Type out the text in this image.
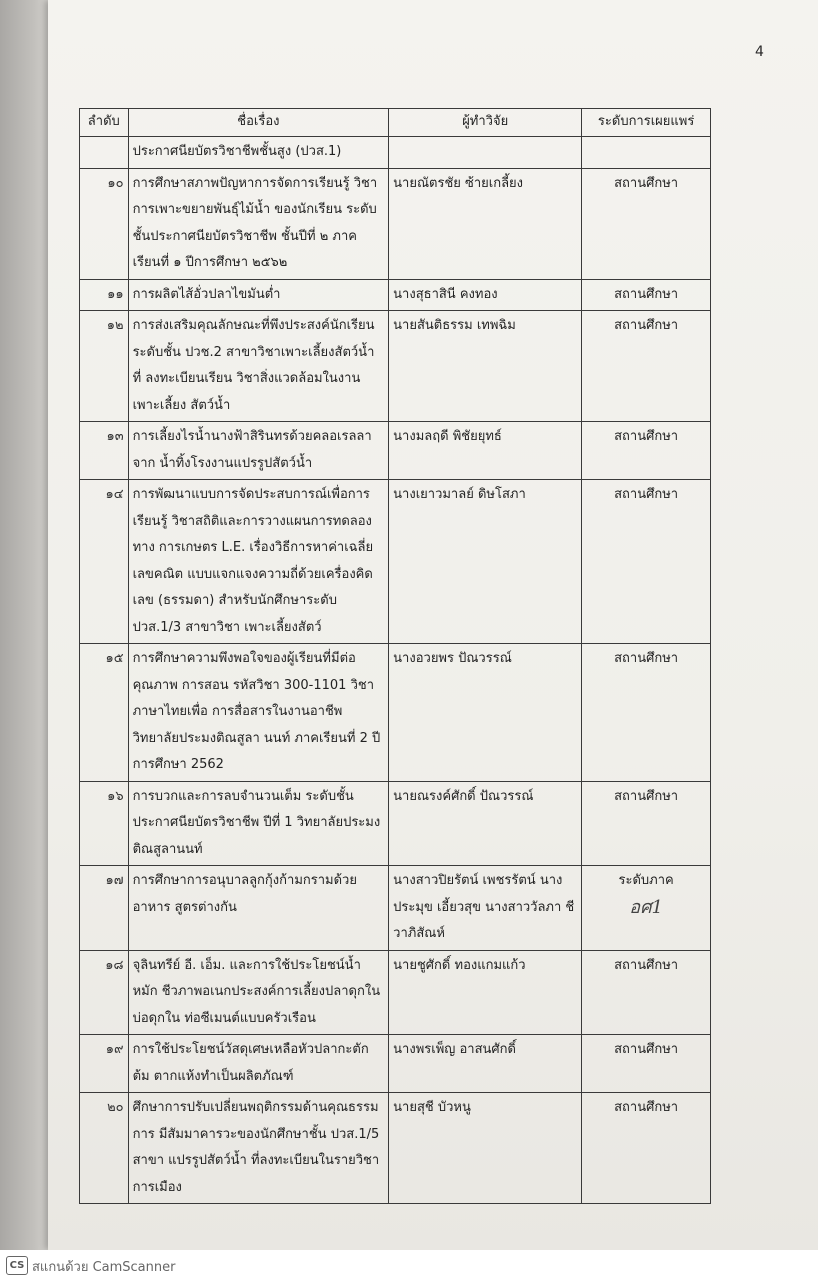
4
ลำดับ	ชื่อเรื่อง	ผู้ทำวิจัย	ระดับการเผยแพร่
	ประกาศนียบัตรวิชาชีพชั้นสูง (ปวส.1)		
๑๐	การศึกษาสภาพปัญหาการจัดการเรียนรู้ วิชา การเพาะขยายพันธุ์ไม้น้ำ ของนักเรียน ระดับชั้นประกาศนียบัตรวิชาชีพ ชั้นปีที่ ๒ ภาค เรียนที่ ๑ ปีการศึกษา ๒๕๖๒	นายณัตรชัย ซ้ายเกลี้ยง	สถานศึกษา
๑๑	การผลิตไส้อั่วปลาไขมันต่ำ	นางสุธาสินี คงทอง	สถานศึกษา
๑๒	การส่งเสริมคุณลักษณะที่พึงประสงค์นักเรียน ระดับชั้น ปวช.2 สาขาวิชาเพาะเลี้ยงสัตว์น้ำ ที่ ลงทะเบียนเรียน วิชาสิ่งแวดล้อมในงานเพาะเลี้ยง สัตว์น้ำ	นายสันติธรรม เทพฉิม	สถานศึกษา
๑๓	การเลี้ยงไรน้ำนางฟ้าสิรินทรด้วยคลอเรลลาจาก น้ำทิ้งโรงงานแปรรูปสัตว์น้ำ	นางมลฤดี พิชัยยุทธ์	สถานศึกษา
๑๔	การพัฒนาแบบการจัดประสบการณ์เพื่อการ เรียนรู้ วิชาสถิติและการวางแผนการทดลองทาง การเกษตร L.E. เรื่องวิธีการหาค่าเฉลี่ยเลขคณิต แบบแจกแจงความถี่ด้วยเครื่องคิดเลข (ธรรมดา) สำหรับนักศึกษาระดับปวส.1/3 สาขาวิชา เพาะเลี้ยงสัตว์	นางเยาวมาลย์ ดิษโสภา	สถานศึกษา
๑๕	การศึกษาความพึงพอใจของผู้เรียนที่มีต่อคุณภาพ การสอน รหัสวิชา 300-1101 วิชาภาษาไทยเพื่อ การสื่อสารในงานอาชีพ วิทยาลัยประมงติณสูลา นนท์ ภาคเรียนที่ 2 ปีการศึกษา 2562	นางอวยพร ปัณวรรณ์	สถานศึกษา
๑๖	การบวกและการลบจำนวนเต็ม ระดับชั้น ประกาศนียบัตรวิชาชีพ ปีที่ 1 วิทยาลัยประมง ติณสูลานนท์	นายณรงค์ศักดิ์ ปัณวรรณ์	สถานศึกษา
๑๗	การศึกษาการอนุบาลลูกกุ้งก้ามกรามด้วยอาหาร สูตรต่างกัน	นางสาวปิยรัตน์ เพชรรัตน์ นางประมุข เอี้ยวสุข นางสาววัลภา ชีวาภิสัณห์	ระดับภาค
อศ1

๑๘	จุลินทรีย์ อี. เอ็ม. และการใช้ประโยชน์น้ำหมัก ชีวภาพอเนกประสงค์การเลี้ยงปลาดุกในบ่อดุกใน ท่อซีเมนต์แบบครัวเรือน	นายชูศักดิ์ ทองแกมแก้ว	สถานศึกษา
๑๙	การใช้ประโยชน์วัสดุเศษเหลือหัวปลากะตักต้ม ตากแห้งทำเป็นผลิตภัณฑ์	นางพรเพ็ญ อาสนศักดิ์	สถานศึกษา
๒๐	ศึกษาการปรับเปลี่ยนพฤติกรรมด้านคุณธรรมการ มีสัมมาคารวะของนักศึกษาชั้น ปวส.1/5 สาขา แปรรูปสัตว์น้ำ ที่ลงทะเบียนในรายวิชาการเมือง	นายสุชี บัวหนู	สถานศึกษา
CS สแกนด้วย CamScanner
